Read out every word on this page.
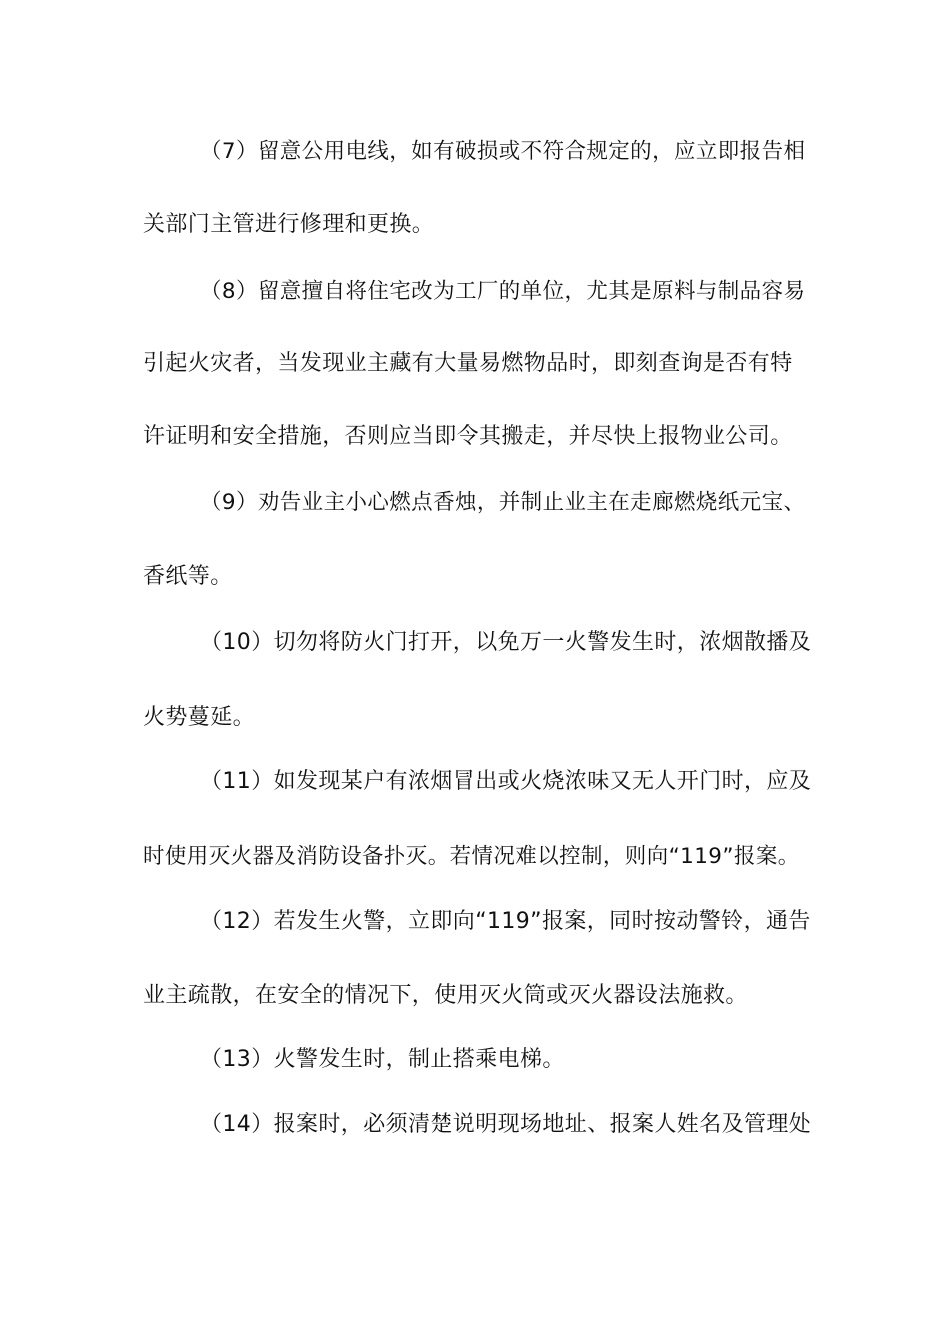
（7）留意公用电线，如有破损或不符合规定的，应立即报告相
关部门主管进行修理和更换。
（8）留意擅自将住宅改为工厂的单位，尤其是原料与制品容易
引起火灾者，当发现业主藏有大量易燃物品时，即刻查询是否有特
许证明和安全措施，否则应当即令其搬走，并尽快上报物业公司。
（9）劝告业主小心燃点香烛，并制止业主在走廊燃烧纸元宝、
香纸等。
（10）切勿将防火门打开，以免万一火警发生时，浓烟散播及
火势蔓延。
（11）如发现某户有浓烟冒出或火烧浓味又无人开门时，应及
时使用灭火器及消防设备扑灭。若情况难以控制，则向“119”报案。
（12）若发生火警，立即向“119”报案，同时按动警铃，通告
业主疏散，在安全的情况下，使用灭火筒或灭火器设法施救。
（13）火警发生时，制止搭乘电梯。
（14）报案时，必须清楚说明现场地址、报案人姓名及管理处
